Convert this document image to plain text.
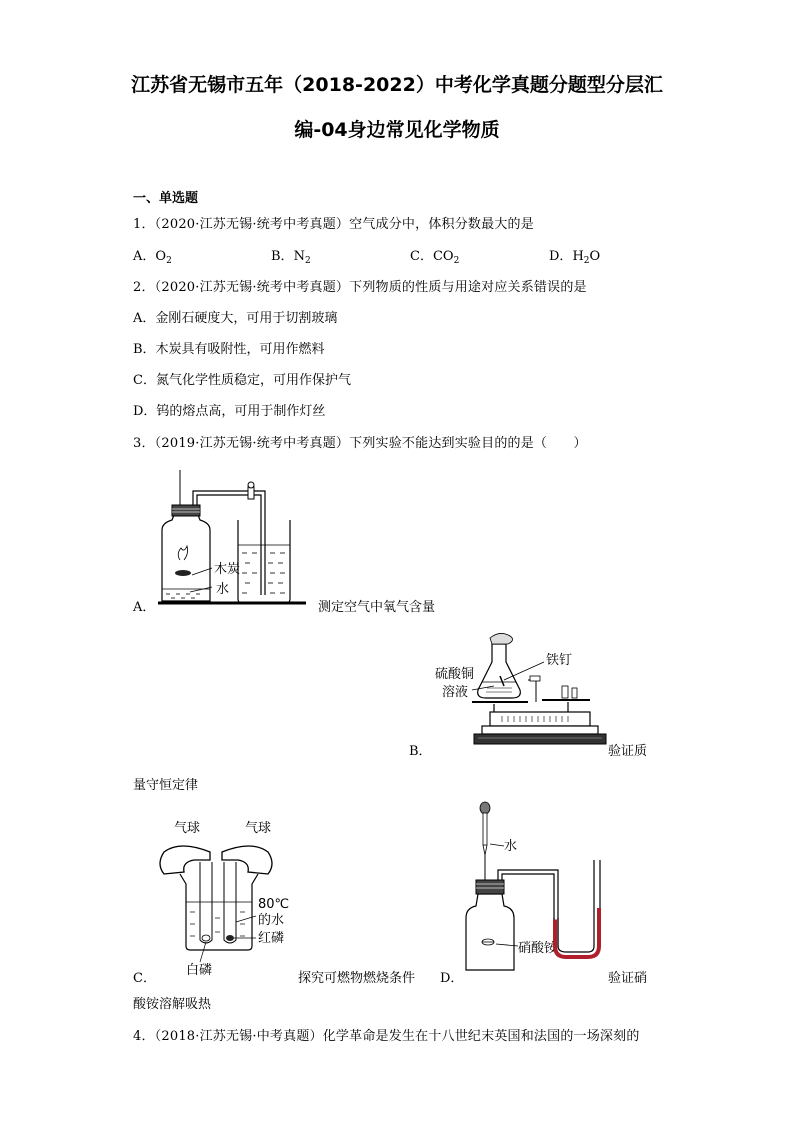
江苏省无锡市五年（2018-2022）中考化学真题分题型分层汇
编-04身边常见化学物质
一、单选题
1．（2020·江苏无锡·统考中考真题）空气成分中，体积分数最大的是
A．$O_2$	B．$N_2$	C．$CO_2$	D．$H_2O$
2．（2020·江苏无锡·统考中考真题）下列物质的性质与用途对应关系错误的是
A．金刚石硬度大，可用于切割玻璃
B．木炭具有吸附性，可用作燃料
C．氮气化学性质稳定，可用作保护气
D．钨的熔点高，可用于制作灯丝
3．（2019·江苏无锡·统考中考真题）下列实验不能达到实验目的的是（　　）
A．
木炭
水
测定空气中氧气含量
硫酸铜
溶液
铁钉
B．	验证质
量守恒定律
气球	气球
80℃
的水
红磷
白磷
C．	探究可燃物燃烧条件
水
硝酸铵
D．	验证硝
酸铵溶解吸热
4．（2018·江苏无锡·中考真题）化学革命是发生在十八世纪末英国和法国的一场深刻的
